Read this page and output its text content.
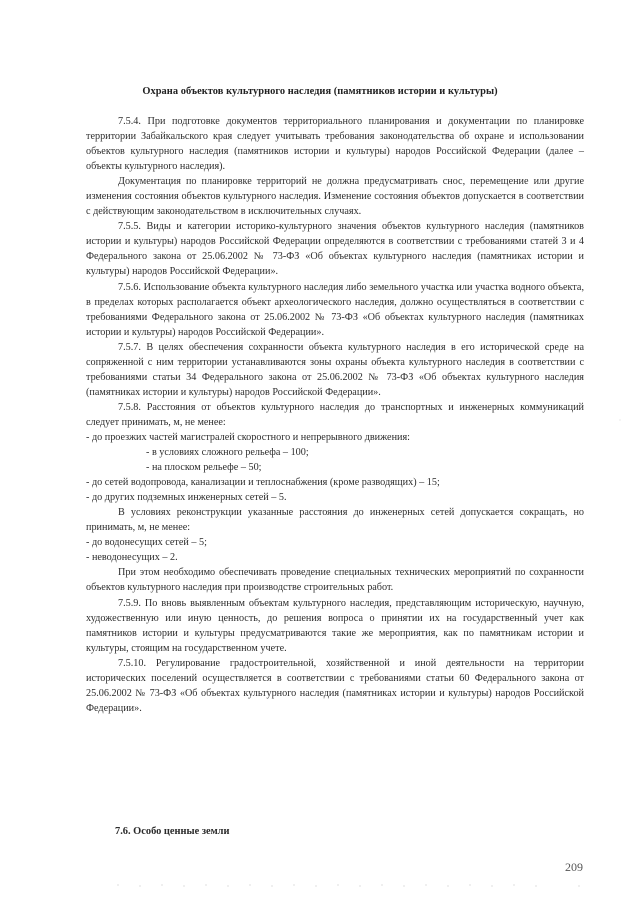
Охрана объектов культурного наследия (памятников истории и культуры)

7.5.4. При подготовке документов территориального планирования и документации по планировке территории Забайкальского края следует учитывать требования законодательства об охране и использовании объектов культурного наследия (памятников истории и культуры) народов Российской Федерации (далее – объекты культурного наследия).

Документация по планировке территорий не должна предусматривать снос, перемещение или другие изменения состояния объектов культурного наследия. Изменение состояния объектов допускается в соответствии с действующим законодательством в исключительных случаях.

7.5.5. Виды и категории историко-культурного значения объектов культурного наследия (памятников истории и культуры) народов Российской Федерации определяются в соответствии с требованиями статей 3 и 4 Федерального закона от 25.06.2002 № 73-ФЗ «Об объектах культурного наследия (памятниках истории и культуры) народов Российской Федерации».

7.5.6. Использование объекта культурного наследия либо земельного участка или участка водного объекта, в пределах которых располагается объект археологического наследия, должно осуществляться в соответствии с требованиями Федерального закона от 25.06.2002 № 73-ФЗ «Об объектах культурного наследия (памятниках истории и культуры) народов Российской Федерации».

7.5.7. В целях обеспечения сохранности объекта культурного наследия в его исторической среде на сопряженной с ним территории устанавливаются зоны охраны объекта культурного наследия в соответствии с требованиями статьи 34 Федерального закона от 25.06.2002 № 73-ФЗ «Об объектах культурного наследия (памятниках истории и культуры) народов Российской Федерации».

7.5.8. Расстояния от объектов культурного наследия до транспортных и инженерных коммуникаций следует принимать, м, не менее:

- до проезжих частей магистралей скоростного и непрерывного движения:

- в условиях сложного рельефа – 100;

- на плоском рельефе – 50;

- до сетей водопровода, канализации и теплоснабжения (кроме разводящих) – 15;

- до других подземных инженерных сетей – 5.

В условиях реконструкции указанные расстояния до инженерных сетей допускается сокращать, но принимать, м, не менее:

- до водонесущих сетей – 5;

- неводонесущих – 2.

При этом необходимо обеспечивать проведение специальных технических мероприятий по сохранности объектов культурного наследия при производстве строительных работ.

7.5.9. По вновь выявленным объектам культурного наследия, представляющим историческую, научную, художественную или иную ценность, до решения вопроса о принятии их на государственный учет как памятников истории и культуры предусматриваются такие же мероприятия, как по памятникам истории и культуры, стоящим на государственном учете.

7.5.10. Регулирование градостроительной, хозяйственной и иной деятельности на территории исторических поселений осуществляется в соответствии с требованиями статьи 60 Федерального закона от 25.06.2002 № 73-ФЗ «Об объектах культурного наследия (памятниках истории и культуры) народов Российской Федерации».

7.6. Особо ценные земли
209
